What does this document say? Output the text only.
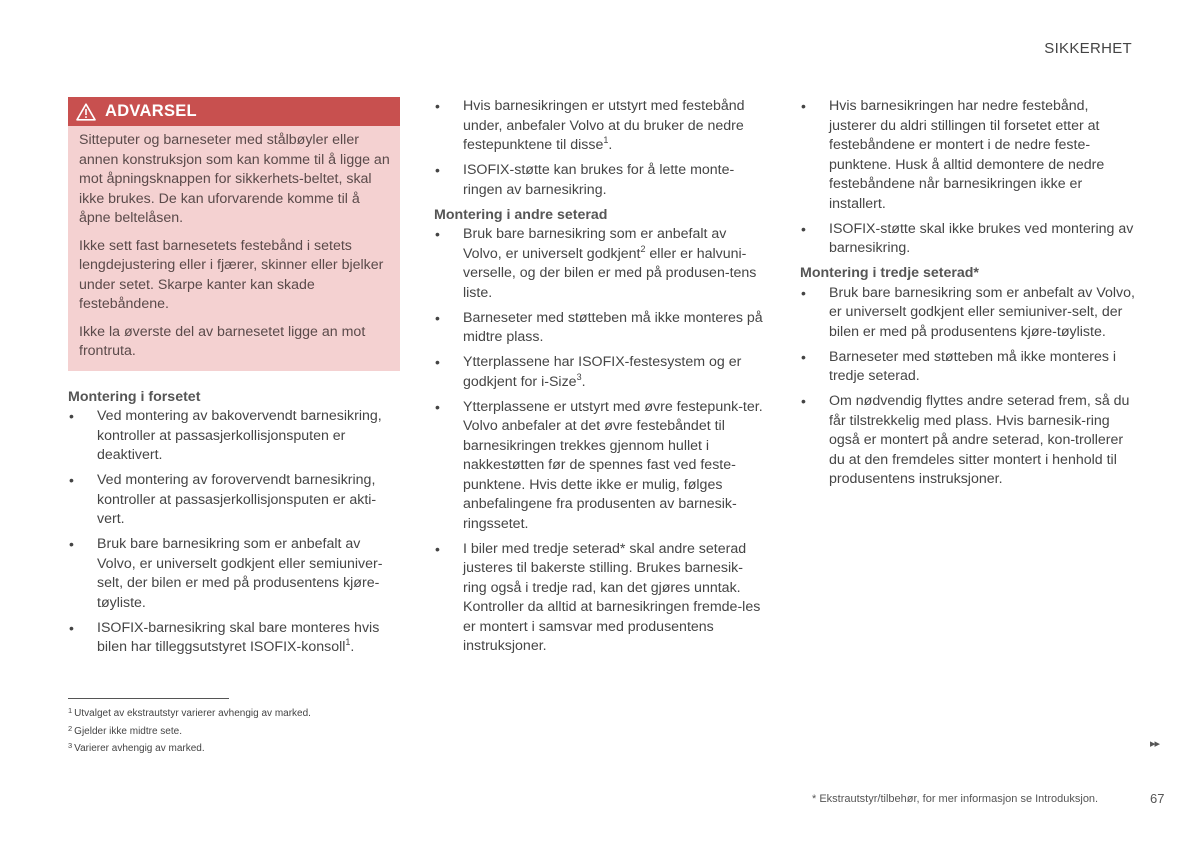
SIKKERHET
ADVARSEL

Sitteputer og barneseter med stålbøyler eller annen konstruksjon som kan komme til å ligge an mot åpningsknappen for sikkerhets-beltet, skal ikke brukes. De kan uforvarende komme til å åpne beltelåsen.

Ikke sett fast barnesetets festebånd i setets lengdejustering eller i fjærer, skinner eller bjelker under setet. Skarpe kanter kan skade festebåndene.

Ikke la øverste del av barnesetet ligge an mot frontruta.

Montering i forsetet
• Ved montering av bakovervendt barnesikring, kontroller at passasjerkollisjonsputen er deaktivert.
• Ved montering av forovervendt barnesikring, kontroller at passasjerkollisjonsputen er akti-vert.
• Bruk bare barnesikring som er anbefalt av Volvo, er universelt godkjent eller semiuniver-selt, der bilen er med på produsentens kjøre-tøyliste.
• ISOFIX-barnesikring skal bare monteres hvis bilen har tilleggsutstyret ISOFIX-konsoll$^1$.
• Hvis barnesikringen er utstyrt med festebånd under, anbefaler Volvo at du bruker de nedre festepunktene til disse$^1$.
• ISOFIX-støtte kan brukes for å lette monte-ringen av barnesikring.
Montering i andre seterad
• Bruk bare barnesikring som er anbefalt av Volvo, er universelt godkjent$^2$ eller er halvuni-verselle, og der bilen er med på produsen-tens liste.
• Barneseter med støtteben må ikke monteres på midtre plass.
• Ytterplassene har ISOFIX-festesystem og er godkjent for i-Size$^3$.
• Ytterplassene er utstyrt med øvre festepunk-ter. Volvo anbefaler at det øvre festebåndet til barnesikringen trekkes gjennom hullet i nakkestøtten før de spennes fast ved feste-punktene. Hvis dette ikke er mulig, følges anbefalingene fra produsenten av barnesik-ringssetet.
• I biler med tredje seterad* skal andre seterad justeres til bakerste stilling. Brukes barnesik-ring også i tredje rad, kan det gjøres unntak. Kontroller da alltid at barnesikringen fremde-les er montert i samsvar med produsentens instruksjoner.
• Hvis barnesikringen har nedre festebånd, justerer du aldri stillingen til forsetet etter at festebåndene er montert i de nedre feste-punktene. Husk å alltid demontere de nedre festebåndene når barnesikringen ikke er installert.
• ISOFIX-støtte skal ikke brukes ved montering av barnesikring.
Montering i tredje seterad*
• Bruk bare barnesikring som er anbefalt av Volvo, er universelt godkjent eller semiuniver-selt, der bilen er med på produsentens kjøre-tøyliste.
• Barneseter med støtteben må ikke monteres i tredje seterad.
• Om nødvendig flyttes andre seterad frem, så du får tilstrekkelig med plass. Hvis barnesik-ring også er montert på andre seterad, kon-trollerer du at den fremdeles sitter montert i henhold til produsentens instruksjoner.
$^1$ Utvalget av ekstrautstyr varierer avhengig av marked.
$^2$ Gjelder ikke midtre sete.
$^3$ Varierer avhengig av marked.	▸▸
* Ekstrautstyr/tilbehør, for mer informasjon se Introduksjon.	67
